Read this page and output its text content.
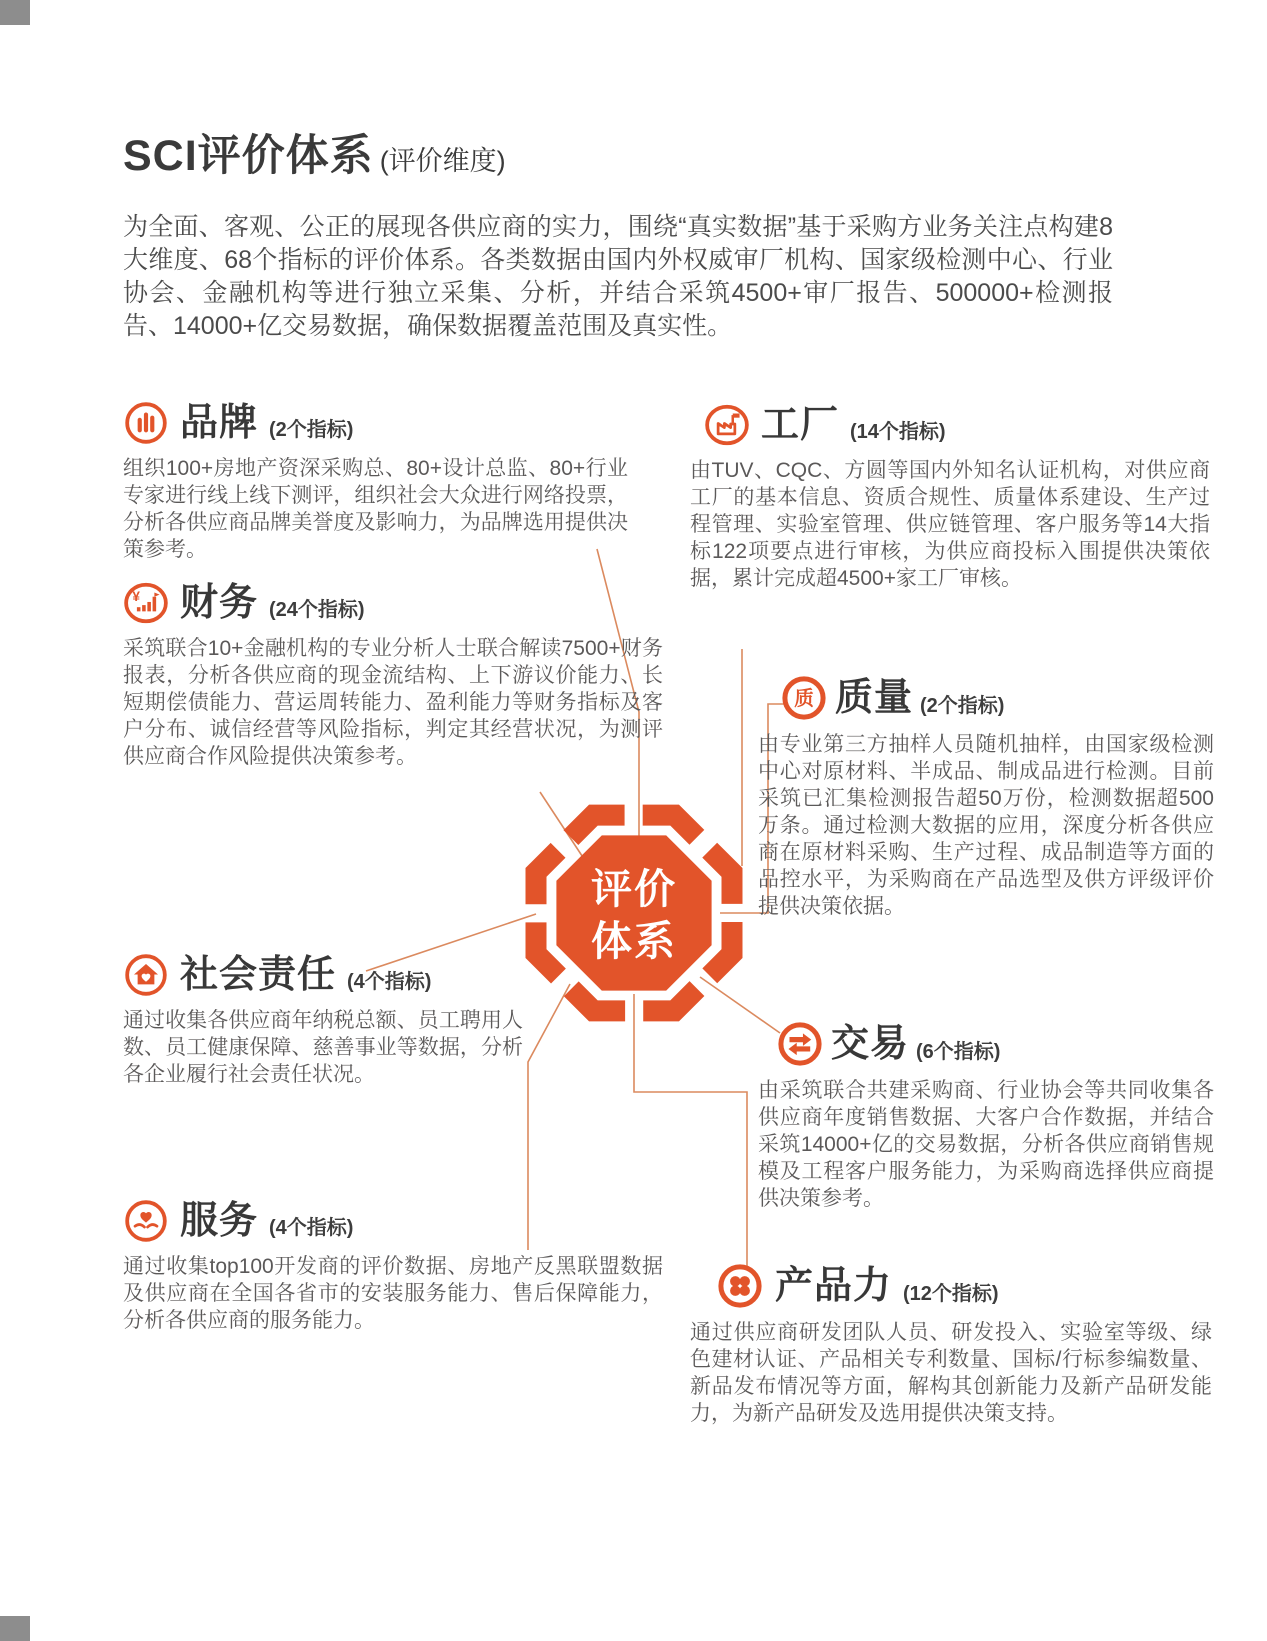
SCI评价体系 (评价维度)

为全面、客观、公正的展现各供应商的实力，围绕“真实数据”基于采购方业务关注点构建8大维度、68个指标的评价体系。各类数据由国内外权威审厂机构、国家级检测中心、行业协会、金融机构等进行独立采集、分析，并结合采筑4500+审厂报告、500000+检测报告、14000+亿交易数据，确保数据覆盖范围及真实性。

评价
体系
品牌 (2个指标)

组织100+房地产资深采购总、80+设计总监、80+行业专家进行线上线下测评，组织社会大众进行网络投票，分析各供应商品牌美誉度及影响力，为品牌选用提供决策参考。

¥ 财务 (24个指标)

采筑联合10+金融机构的专业分析人士联合解读7500+财务报表，分析各供应商的现金流结构、上下游议价能力、长短期偿债能力、营运周转能力、盈利能力等财务指标及客户分布、诚信经营等风险指标，判定其经营状况，为测评供应商合作风险提供决策参考。

社会责任 (4个指标)

通过收集各供应商年纳税总额、员工聘用人数、员工健康保障、慈善事业等数据，分析各企业履行社会责任状况。

服务 (4个指标)

通过收集top100开发商的评价数据、房地产反黑联盟数据及供应商在全国各省市的安装服务能力、售后保障能力，分析各供应商的服务能力。

工厂 (14个指标)

由TUV、CQC、方圆等国内外知名认证机构，对供应商工厂的基本信息、资质合规性、质量体系建设、生产过程管理、实验室管理、供应链管理、客户服务等14大指标122项要点进行审核，为供应商投标入围提供决策依据，累计完成超4500+家工厂审核。

质 质量 (2个指标)

由专业第三方抽样人员随机抽样，由国家级检测中心对原材料、半成品、制成品进行检测。目前采筑已汇集检测报告超50万份，检测数据超500万条。通过检测大数据的应用，深度分析各供应商在原材料采购、生产过程、成品制造等方面的品控水平，为采购商在产品选型及供方评级评价提供决策依据。

交易 (6个指标)

由采筑联合共建采购商、行业协会等共同收集各供应商年度销售数据、大客户合作数据，并结合采筑14000+亿的交易数据，分析各供应商销售规模及工程客户服务能力，为采购商选择供应商提供决策参考。

产品力 (12个指标)

通过供应商研发团队人员、研发投入、实验室等级、绿色建材认证、产品相关专利数量、国标/行标参编数量、新品发布情况等方面，解构其创新能力及新产品研发能力，为新产品研发及选用提供决策支持。
